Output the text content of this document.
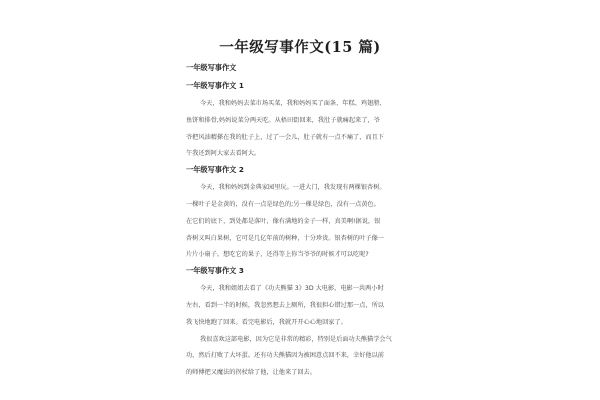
一年级写事作文(15 篇)
一年级写事作文
一年级写事作文 1
今天，我和妈妈去菜市场买菜，我和妈妈买了面条、年糕、鸡翅膀、
鱼饼和排骨,妈妈说菜分两天吃。从梧田街回来，我肚子就痛起来了，爷
爷把风油精搽在我的肚子上，过了一会儿，肚子就有一点不痛了，而且下
午我还到阿大家去看阿大。
一年级写事作文 2
今天，我和妈妈到金典家园里玩。一进大门，我发现有两棵银杏树。
一棵叶子是金黄的，没有一点是绿色的;另一棵是绿色，没有一点黄色。
在它们的底下，到处都是落叶，像有满地的金子一样，真美啊!据说，银
杏树又叫白果树，它可是几亿年前的树种，十分珍贵。银杏树的叶子像一
片片小扇子。想吃它的果子，还得等上你当爷爷的时候才可以吃呢?
一年级写事作文 3
今天，我和姐姐去看了《功夫熊猫 3》3D 大电影，电影一共两小时
左右，看到一半的时候，我忽然想去上厕所，我很担心错过那一点，所以
我飞快地跑了回来。看完电影后，我就开开心心地回家了。
我很喜欢这部电影，因为它是非常的精彩，特别是后面功夫熊猫学会气
功，然后打败了大坏蛋。还有功夫熊猫因为被困意点回不来，幸好他以前
的师傅把又魔法的拐杖给了他，让他来了回去。
